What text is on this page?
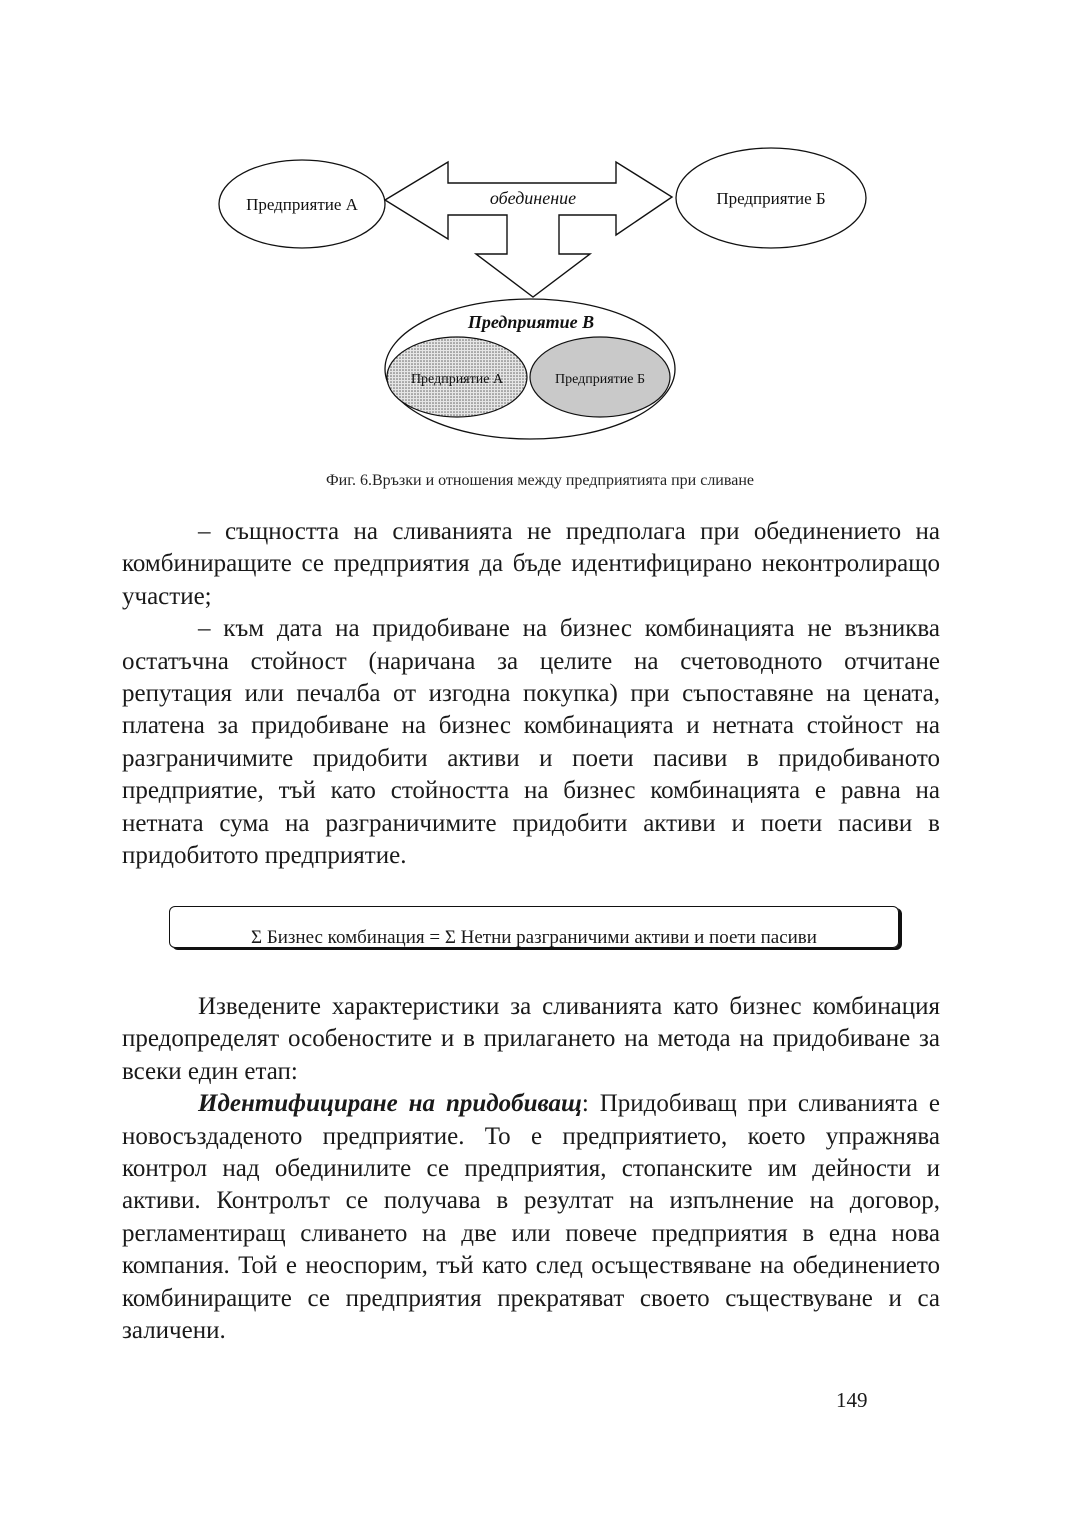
Предприятие А	Предприятие Б
обединение
Предприятие В
Предприятие А	Предприятие Б
Фиг. 6.Връзки и отношения между предприятията при сливане

– същността на сливанията не предполага при обединението на комбиниращите се предприятия да бъде идентифицирано неконтролиращо участие;

– към дата на придобиване на бизнес комбинацията не възниква остатъчна стойност (наричана за целите на счетоводното отчитане репутация или печалба от изгодна покупка) при съпоставяне на цената, платена за придобиване на бизнес комбинацията и нетната стойност на разграничимите придобити активи и поети пасиви в придобиваното предприятие, тъй като стойността на бизнес комбинацията е равна на нетната сума на разграничимите придобити активи и поети пасиви в придобитото предприятие.

Σ Бизнес комбинация = Σ Нетни разграничими активи и поети пасиви

Изведените характеристики за сливанията като бизнес комбинация предопределят особеностите и в прилагането на метода на придобиване за всеки един етап:

Идентифициране на придобиващ: Придобиващ при сливанията е новосъздаденото предприятие. То е предприятието, което упражнява контрол над обединилите се предприятия, стопанските им дейности и активи. Контролът се получава в резултат на изпълнение на договор, регламентиращ сливането на две или повече предприятия в една нова компания. Той е неоспорим, тъй като след осъществяване на обединението комбиниращите се предприятия прекратяват своето съществуване и са заличени.

149
